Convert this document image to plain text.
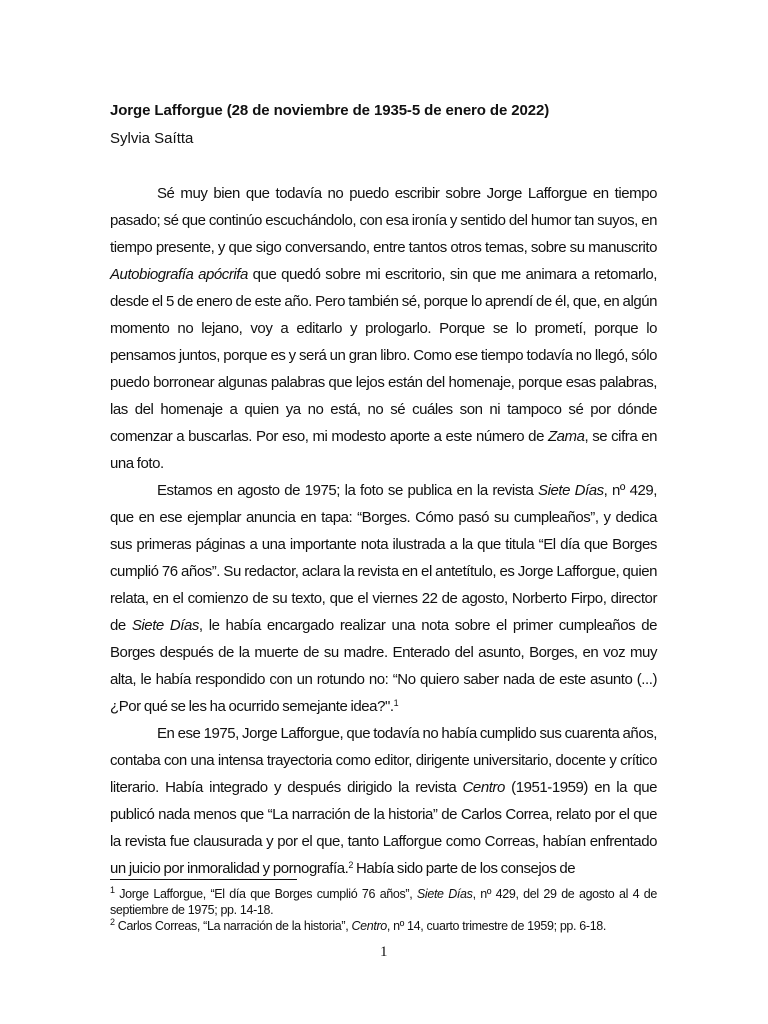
Jorge Lafforgue (28 de noviembre de 1935-5 de enero de 2022)
Sylvia Saítta

Sé muy bien que todavía no puedo escribir sobre Jorge Lafforgue en tiempo pasado; sé que continúo escuchándolo, con esa ironía y sentido del humor tan suyos, en tiempo presente, y que sigo conversando, entre tantos otros temas, sobre su manuscrito Autobiografía apócrifa que quedó sobre mi escritorio, sin que me animara a retomarlo, desde el 5 de enero de este año. Pero también sé, porque lo aprendí de él, que, en algún momento no lejano, voy a editarlo y prologarlo. Porque se lo prometí, porque lo pensamos juntos, porque es y será un gran libro. Como ese tiempo todavía no llegó, sólo puedo borronear algunas palabras que lejos están del homenaje, porque esas palabras, las del homenaje a quien ya no está, no sé cuáles son ni tampoco sé por dónde comenzar a buscarlas. Por eso, mi modesto aporte a este número de Zama, se cifra en una foto.

Estamos en agosto de 1975; la foto se publica en la revista Siete Días, nº 429, que en ese ejemplar anuncia en tapa: “Borges. Cómo pasó su cumpleaños”, y dedica sus primeras páginas a una importante nota ilustrada a la que titula “El día que Borges cumplió 76 años”. Su redactor, aclara la revista en el antetítulo, es Jorge Lafforgue, quien relata, en el comienzo de su texto, que el viernes 22 de agosto, Norberto Firpo, director de Siete Días, le había encargado realizar una nota sobre el primer cumpleaños de Borges después de la muerte de su madre. Enterado del asunto, Borges, en voz muy alta, le había respondido con un rotundo no: “No quiero saber nada de este asunto (...) ¿Por qué se les ha ocurrido semejante idea?".$^1$

En ese 1975, Jorge Lafforgue, que todavía no había cumplido sus cuarenta años, contaba con una intensa trayectoria como editor, dirigente universitario, docente y crítico literario. Había integrado y después dirigido la revista Centro (1951-1959) en la que publicó nada menos que “La narración de la historia” de Carlos Correa, relato por el que la revista fue clausurada y por el que, tanto Lafforgue como Correas, habían enfrentado un juicio por inmoralidad y pornografía.$^2$ Había sido parte de los consejos de

$^1$ Jorge Lafforgue, “El día que Borges cumplió 76 años”, Siete Días, nº 429, del 29 de agosto al 4 de septiembre de 1975; pp. 14-18.

$^2$ Carlos Correas, “La narración de la historia”, Centro, nº 14, cuarto trimestre de 1959; pp. 6-18.

1
